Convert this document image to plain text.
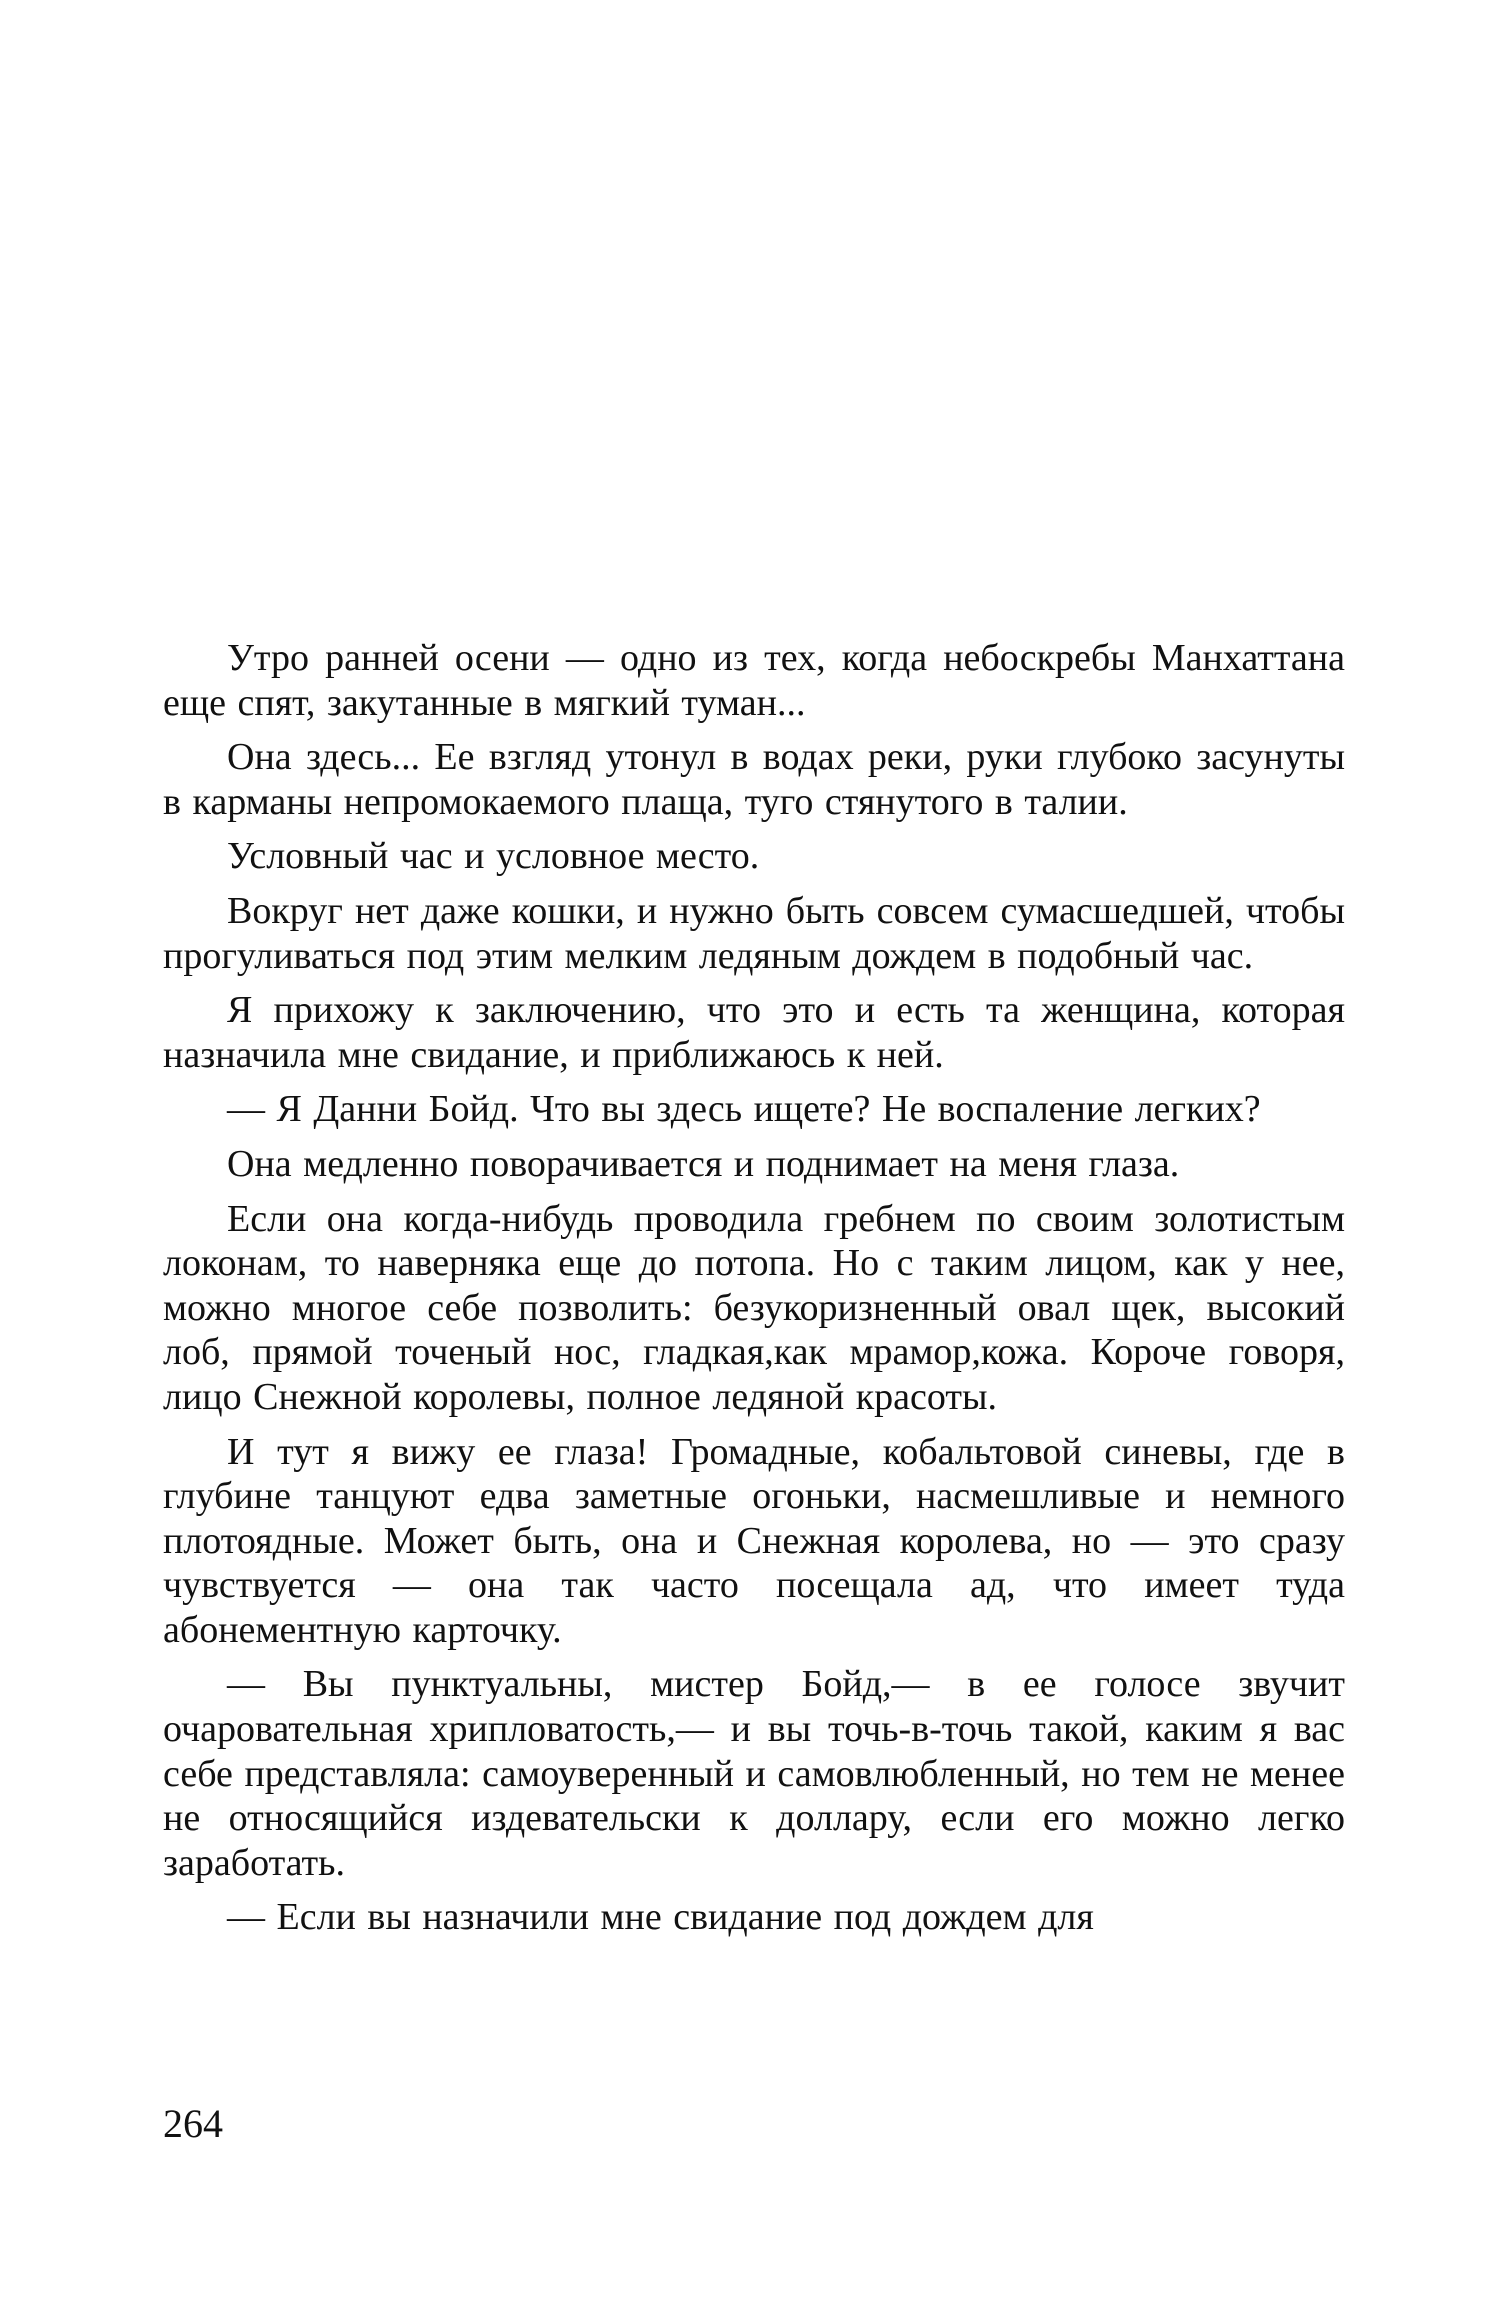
Утро ранней осени — одно из тех, когда небоскребы Манхаттана еще спят, закутанные в мягкий туман...

Она здесь... Ее взгляд утонул в водах реки, руки глубоко засунуты в карманы непромокаемого плаща, туго стянутого в талии.

Условный час и условное место.

Вокруг нет даже кошки, и нужно быть совсем сумасшедшей, чтобы прогуливаться под этим мелким ледяным дождем в подобный час.

Я прихожу к заключению, что это и есть та женщина, которая назначила мне свидание, и приближаюсь к ней.

— Я Данни Бойд. Что вы здесь ищете? Не воспаление легких?

Она медленно поворачивается и поднимает на меня глаза.

Если она когда-нибудь проводила гребнем по своим золотистым локонам, то наверняка еще до потопа. Но с таким лицом, как у нее, можно многое себе позволить: безукоризненный овал щек, высокий лоб, прямой точеный нос, гладкая,как мрамор,кожа. Короче говоря, лицо Снежной королевы, полное ледяной красоты.

И тут я вижу ее глаза! Громадные, кобальтовой синевы, где в глубине танцуют едва заметные огоньки, насмешливые и немного плотоядные. Может быть, она и Снежная королева, но — это сразу чувствуется — она так часто посещала ад, что имеет туда абонементную карточку.

— Вы пунктуальны, мистер Бойд,— в ее голосе звучит очаровательная хрипловатость,— и вы точь-в-точь такой, каким я вас себе представляла: самоуверенный и самовлюбленный, но тем не менее не относящийся издевательски к доллару, если его можно легко заработать.

— Если вы назначили мне свидание под дождем для

264
